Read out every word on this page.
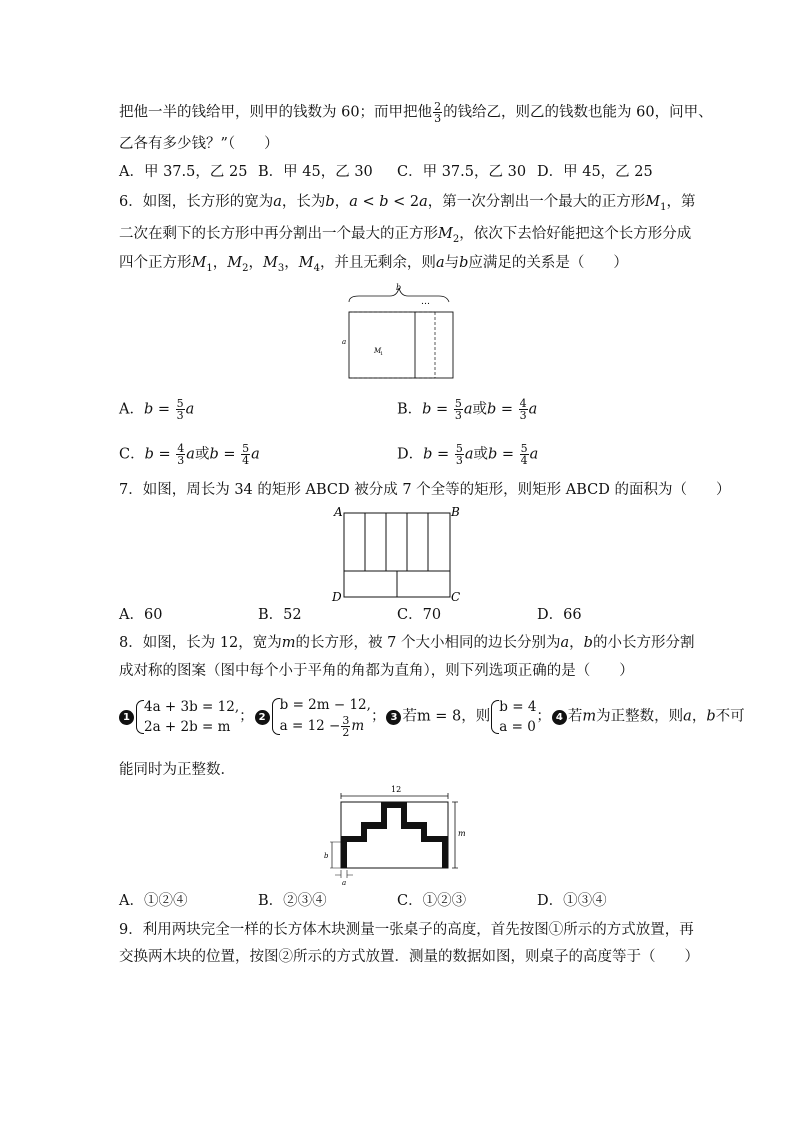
把他一半的钱给甲，则甲的钱数为 60；而甲把他 $\frac{2}{3}$ 的钱给乙，则乙的钱数也能为 60，问甲、
乙各有多少钱？”（　　）
A．甲 37.5，乙 25 B．甲 45，乙 30 C．甲 37.5，乙 30 D．甲 45，乙 25
6．如图，长方形的宽为a，长为b，a < b < 2a，第一次分割出一个最大的正方形$M_1$，第
二次在剩下的长方形中再分割出一个最大的正方形$M_2$，依次下去恰好能把这个长方形分成
四个正方形$M_1$，$M_2$，$M_3$，$M_4$，并且无剩余，则a与b应满足的关系是（　　）
b
…
a
M
1
A．$b = \frac{5}{3}$ a	B．$b = \frac{5}{3}$ a或$b = \frac{4}{3}$ a
C．$b = \frac{4}{3}$ a或$b = \frac{5}{4}$ a	D．$b = \frac{5}{3}$ a或$b = \frac{5}{4}$ a
7．如图，周长为 34 的矩形 ABCD 被分成 7 个全等的矩形，则矩形 ABCD 的面积为（　　）
A	B
D	C
A．60	B．52	C．70	D．66
8．如图，长为 12，宽为m的长方形，被 7 个大小相同的边长分别为a，b的小长方形分割
成对称的图案（图中每个小于平角的角都为直角），则下列选项正确的是（　　）
1
4a + 3b = 12,
2a + 2b = m
； 2
b = 2m − 12,
$a = 12 - \frac{3}{2}$ m
； 3 若m = 8，则
b = 4
a = 0
； 4 若m为正整数，则a，b不可
能同时为正整数．
12
m
b
a
A．①②④	B．②③④	C．①②③	D．①③④
9．利用两块完全一样的长方体木块测量一张桌子的高度，首先按图①所示的方式放置，再
交换两木块的位置，按图②所示的方式放置．测量的数据如图，则桌子的高度等于（　　）
